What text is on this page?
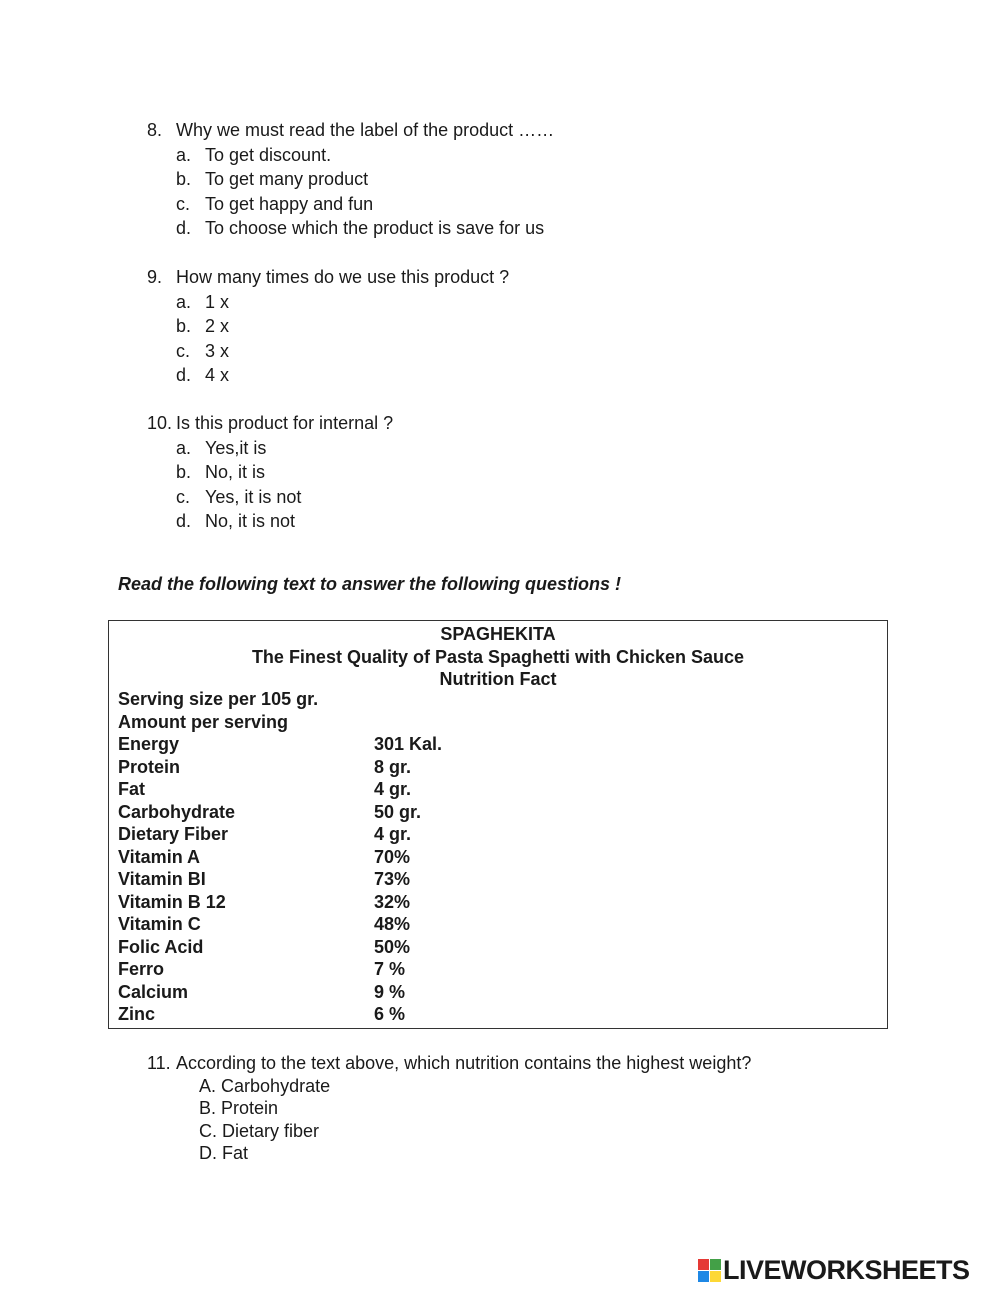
8. Why we must read the label of the product ……
a. To get discount.
b. To get many product
c. To get happy and fun
d. To choose which the product is save for us
9. How many times do we use this product ?
a. 1 x
b. 2 x
c. 3 x
d. 4 x
10. Is this product for internal ?
a. Yes,it is
b. No, it is
c. Yes, it is not
d. No, it is not
Read the following text to answer the following questions !
SPAGHEKITA
The Finest Quality of Pasta Spaghetti with Chicken Sauce
Nutrition Fact
Serving size per 105 gr.
Amount per serving
Energy	301 Kal.
Protein	8 gr.
Fat	4 gr.
Carbohydrate	50 gr.
Dietary Fiber	4 gr.
Vitamin A	70%
Vitamin BI	73%
Vitamin B 12	32%
Vitamin C	48%
Folic Acid	50%
Ferro	7 %
Calcium	9 %
Zinc	6 %
11. According to the text above, which nutrition contains the highest weight?
A.
Carbohydrate
B.
Protein
C.
Dietary fiber
D.
Fat
LIVEWORKSHEETS
